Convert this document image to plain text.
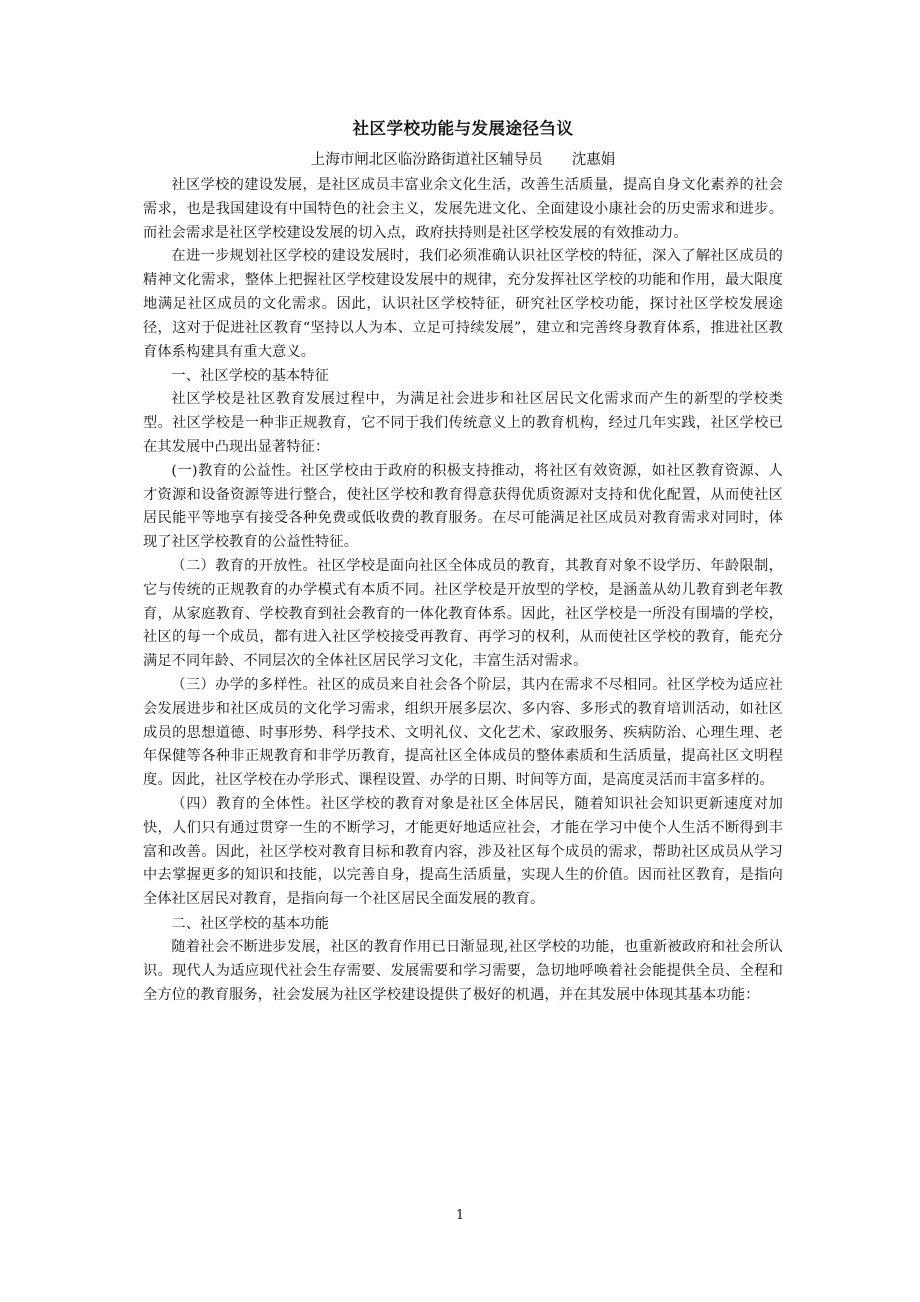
社区学校功能与发展途径刍议

上海市闸北区临汾路街道社区辅导员　　沈惠娟

社区学校的建设发展，是社区成员丰富业余文化生活，改善生活质量，提高自身文化素养的社会需求，也是我国建设有中国特色的社会主义，发展先进文化、全面建设小康社会的历史需求和进步。而社会需求是社区学校建设发展的切入点，政府扶持则是社区学校发展的有效推动力。

在进一步规划社区学校的建设发展时，我们必须准确认识社区学校的特征，深入了解社区成员的精神文化需求，整体上把握社区学校建设发展中的规律，充分发挥社区学校的功能和作用，最大限度地满足社区成员的文化需求。因此，认识社区学校特征，研究社区学校功能，探讨社区学校发展途径，这对于促进社区教育“坚持以人为本、立足可持续发展”，建立和完善终身教育体系，推进社区教育体系构建具有重大意义。

一、社区学校的基本特征

社区学校是社区教育发展过程中，为满足社会进步和社区居民文化需求而产生的新型的学校类型。社区学校是一种非正规教育，它不同于我们传统意义上的教育机构，经过几年实践，社区学校已在其发展中凸现出显著特征：

(一)教育的公益性。社区学校由于政府的积极支持推动，将社区有效资源，如社区教育资源、人才资源和设备资源等进行整合，使社区学校和教育得意获得优质资源对支持和优化配置，从而使社区居民能平等地享有接受各种免费或低收费的教育服务。在尽可能满足社区成员对教育需求对同时，体现了社区学校教育的公益性特征。

（二）教育的开放性。社区学校是面向社区全体成员的教育，其教育对象不设学历、年龄限制，它与传统的正规教育的办学模式有本质不同。社区学校是开放型的学校，是涵盖从幼儿教育到老年教育，从家庭教育、学校教育到社会教育的一体化教育体系。因此，社区学校是一所没有围墙的学校，社区的每一个成员，都有进入社区学校接受再教育、再学习的权利，从而使社区学校的教育，能充分满足不同年龄、不同层次的全体社区居民学习文化，丰富生活对需求。

（三）办学的多样性。社区的成员来自社会各个阶层，其内在需求不尽相同。社区学校为适应社会发展进步和社区成员的文化学习需求，组织开展多层次、多内容、多形式的教育培训活动，如社区成员的思想道德、时事形势、科学技术、文明礼仪、文化艺术、家政服务、疾病防治、心理生理、老年保健等各种非正规教育和非学历教育，提高社区全体成员的整体素质和生活质量，提高社区文明程度。因此，社区学校在办学形式、课程设置、办学的日期、时间等方面，是高度灵活而丰富多样的。

（四）教育的全体性。社区学校的教育对象是社区全体居民，随着知识社会知识更新速度对加快，人们只有通过贯穿一生的不断学习，才能更好地适应社会，才能在学习中使个人生活不断得到丰富和改善。因此，社区学校对教育目标和教育内容，涉及社区每个成员的需求，帮助社区成员从学习中去掌握更多的知识和技能，以完善自身，提高生活质量，实现人生的价值。因而社区教育，是指向全体社区居民对教育，是指向每一个社区居民全面发展的教育。

二、社区学校的基本功能

随着社会不断进步发展，社区的教育作用已日渐显现,社区学校的功能，也重新被政府和社会所认识。现代人为适应现代社会生存需要、发展需要和学习需要，急切地呼唤着社会能提供全员、全程和全方位的教育服务，社会发展为社区学校建设提供了极好的机遇，并在其发展中体现其基本功能：

1
